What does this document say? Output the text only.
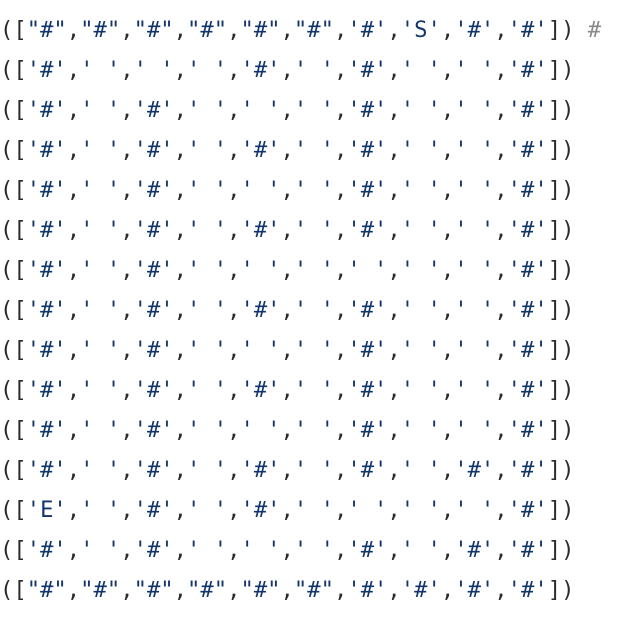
(["#","#","#","#","#","#",'#','S','#','#']) #
(['#',' ',' ',' ','#',' ','#',' ',' ','#'])
(['#',' ','#',' ',' ',' ','#',' ',' ','#'])
(['#',' ','#',' ','#',' ','#',' ',' ','#'])
(['#',' ','#',' ',' ',' ','#',' ',' ','#'])
(['#',' ','#',' ','#',' ','#',' ',' ','#'])
(['#',' ','#',' ',' ',' ',' ',' ',' ','#'])
(['#',' ','#',' ','#',' ','#',' ',' ','#'])
(['#',' ','#',' ',' ',' ','#',' ',' ','#'])
(['#',' ','#',' ','#',' ','#',' ',' ','#'])
(['#',' ','#',' ',' ',' ','#',' ',' ','#'])
(['#',' ','#',' ','#',' ','#',' ','#','#'])
(['E',' ','#',' ','#',' ',' ',' ',' ','#'])
(['#',' ','#',' ',' ',' ','#',' ','#','#'])
(["#","#","#","#","#","#",'#','#','#','#'])
